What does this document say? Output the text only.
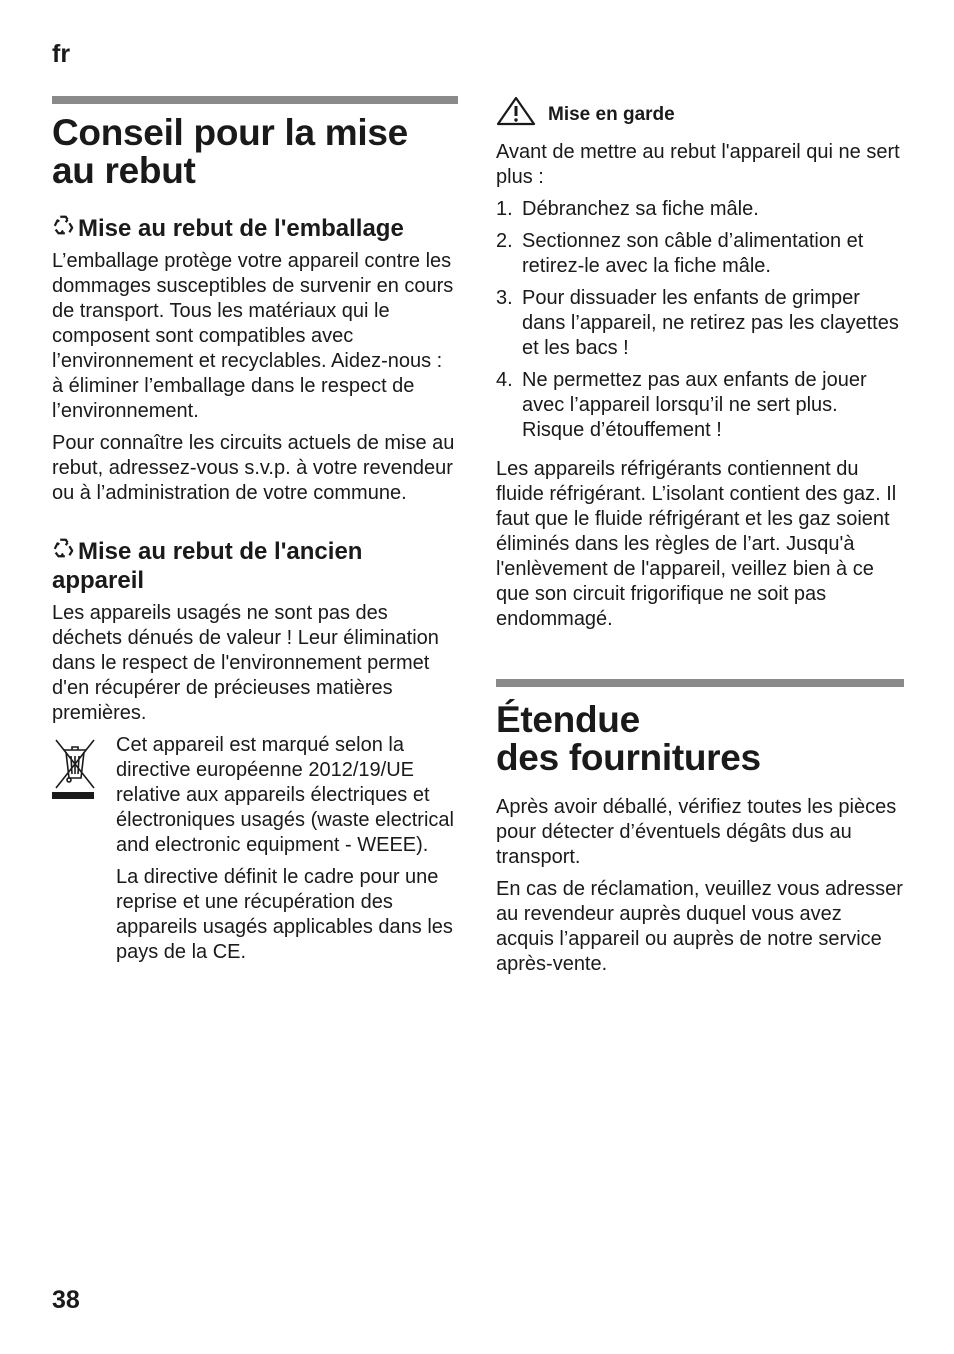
fr
Conseil pour la mise au rebut
Mise au rebut de l'emballage

L’emballage protège votre appareil contre les dommages susceptibles de survenir en cours de transport. Tous les matériaux qui le composent sont compatibles avec l’environnement et recyclables. Aidez-nous : à éliminer l’emballage dans le respect de l’environnement.

Pour connaître les circuits actuels de mise au rebut, adressez-vous s.v.p. à votre revendeur ou à l’administration de votre commune.

Mise au rebut de l'ancien appareil

Les appareils usagés ne sont pas des déchets dénués de valeur ! Leur élimination dans le respect de l'environnement permet d'en récupérer de précieuses matières premières.

Cet appareil est marqué selon la directive européenne 2012/19/UE relative aux appareils électriques et électroniques usagés (waste electrical and electronic equipment - WEEE).

La directive définit le cadre pour une reprise et une récupération des appareils usagés applicables dans les pays de la CE.

Mise en garde

Avant de mettre au rebut l'appareil qui ne sert plus :

1. Débranchez sa fiche mâle.
2. Sectionnez son câble d’alimentation et retirez-le avec la fiche mâle.
3. Pour dissuader les enfants de grimper dans l’appareil, ne retirez pas les clayettes et les bacs !
4. Ne permettez pas aux enfants de jouer avec l’appareil lorsqu’il ne sert plus. Risque d’étouffement !

Les appareils réfrigérants contiennent du fluide réfrigérant. L’isolant contient des gaz. Il faut que le fluide réfrigérant et les gaz soient éliminés dans les règles de l’art. Jusqu'à l'enlèvement de l'appareil, veillez bien à ce que son circuit frigorifique ne soit pas endommagé.

Étendue
des fournitures

Après avoir déballé, vérifiez toutes les pièces pour détecter d’éventuels dégâts dus au transport.

En cas de réclamation, veuillez vous adresser au revendeur auprès duquel vous avez acquis l’appareil ou auprès de notre service après-vente.

38
